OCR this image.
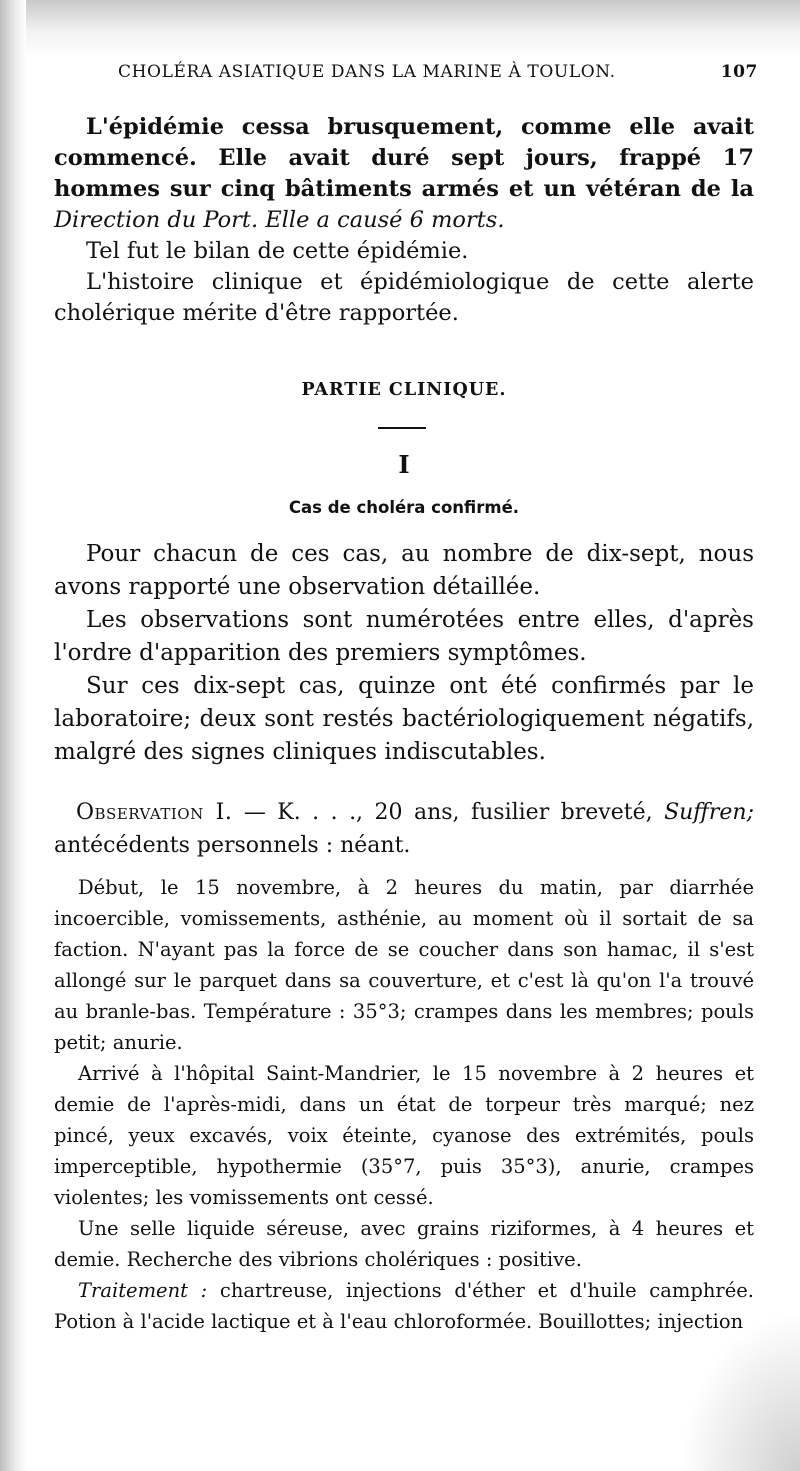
CHOLÉRA ASIATIQUE DANS LA MARINE À TOULON.	107

L'épidémie cessa brusquement, comme elle avait commencé. Elle avait duré sept jours, frappé 17 hommes sur cinq bâtiments armés et un vétéran de la Direction du Port. Elle a causé 6 morts.

Tel fut le bilan de cette épidémie.

L'histoire clinique et épidémiologique de cette alerte cholérique mérite d'être rapportée.

PARTIE CLINIQUE.
I
Cas de choléra confirmé.

Pour chacun de ces cas, au nombre de dix-sept, nous avons rapporté une observation détaillée.

Les observations sont numérotées entre elles, d'après l'ordre d'apparition des premiers symptômes.

Sur ces dix-sept cas, quinze ont été confirmés par le laboratoire; deux sont restés bactériologiquement négatifs, malgré des signes cliniques indiscutables.

Observation I. — K. . . ., 20 ans, fusilier breveté, Suffren; antécédents personnels : néant.

Début, le 15 novembre, à 2 heures du matin, par diarrhée incoercible, vomissements, asthénie, au moment où il sortait de sa faction. N'ayant pas la force de se coucher dans son hamac, il s'est allongé sur le parquet dans sa couverture, et c'est là qu'on l'a trouvé au branle-bas. Température : 35°3; crampes dans les membres; pouls petit; anurie.

Arrivé à l'hôpital Saint-Mandrier, le 15 novembre à 2 heures et demie de l'après-midi, dans un état de torpeur très marqué; nez pincé, yeux excavés, voix éteinte, cyanose des extrémités, pouls imperceptible, hypothermie (35°7, puis 35°3), anurie, crampes violentes; les vomissements ont cessé.

Une selle liquide séreuse, avec grains riziformes, à 4 heures et demie. Recherche des vibrions cholériques : positive.

Traitement : chartreuse, injections d'éther et d'huile camphrée. Potion à l'acide lactique et à l'eau chloroformée. Bouillottes; injection
